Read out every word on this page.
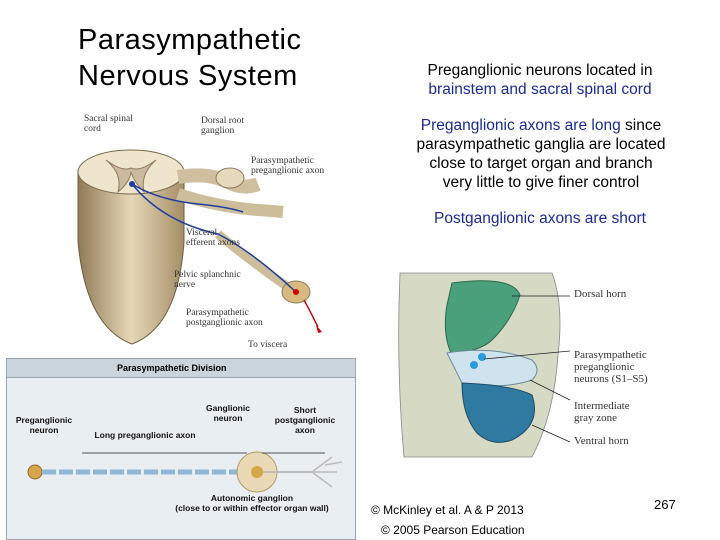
Parasympathetic
Nervous System	Preganglionic neurons located in
brainstem and sacral spinal cord
Preganglionic axons are long since
parasympathetic ganglia are located
close to target organ and branch
very little to give finer control
Postganglionic axons are short
Sacral spinal
cord
Dorsal root
ganglion
Parasympathetic
preganglionic axon
Visceral
efferent axons
Pelvic splanchnic
nerve
Parasympathetic
postganglionic axon
To viscera
Parasympathetic Division
Preganglionic
neuron	Long preganglionic axon
Ganglionic
neuron
Short
postganglionic
axon
Autonomic ganglion
(close to or within effector organ wall)
Dorsal horn
Parasympathetic
preganglionic
neurons (S1–S5)
Intermediate
gray zone
Ventral horn
© McKinley et al. A & P 2013
© 2005 Pearson Education
267
